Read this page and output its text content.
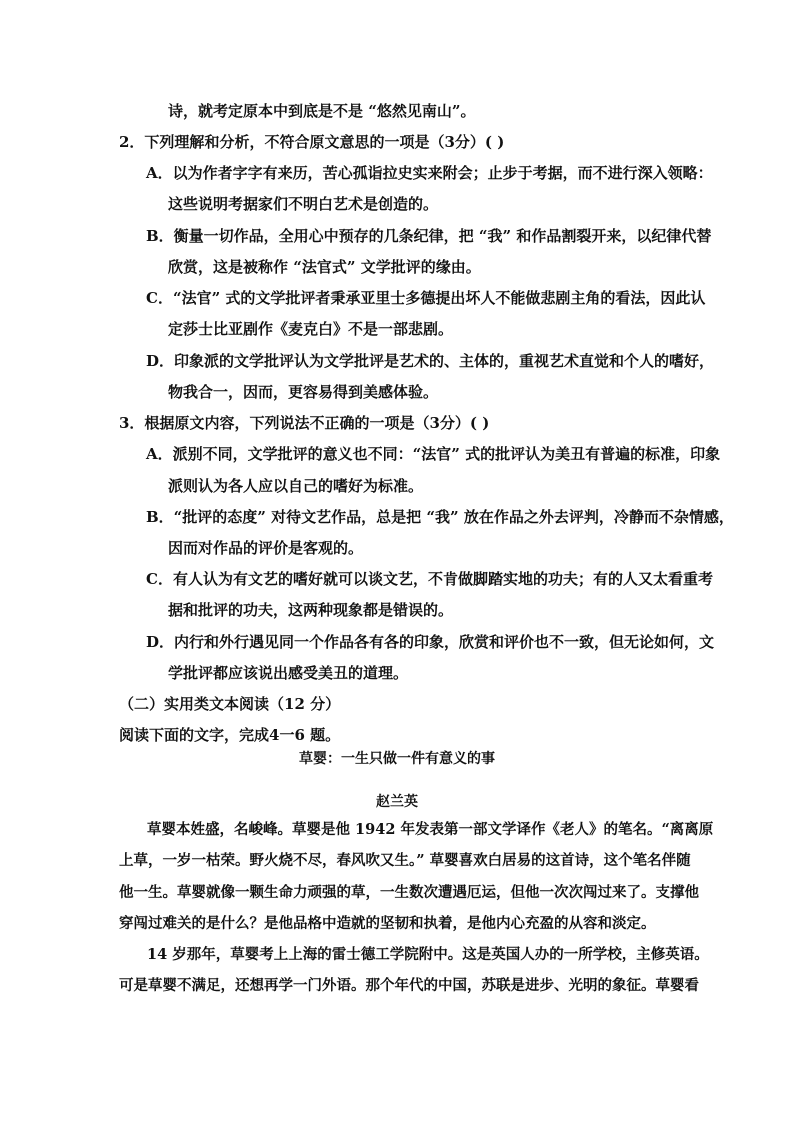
诗，就考定原本中到底是不是 “悠然见南山”。
2．下列理解和分析，不符合原文意思的一项是（3分）( )
A．以为作者字字有来历，苦心孤诣拉史实来附会；止步于考据，而不进行深入领略：
这些说明考据家们不明白艺术是创造的。
B．衡量一切作品，全用心中预存的几条纪律，把 “我” 和作品割裂开来，以纪律代替
欣赏，这是被称作 “法官式” 文学批评的缘由。
C．“法官” 式的文学批评者秉承亚里士多德提出坏人不能做悲剧主角的看法，因此认
定莎士比亚剧作《麦克白》不是一部悲剧。
D．印象派的文学批评认为文学批评是艺术的、主体的，重视艺术直觉和个人的嗜好，
物我合一，因而，更容易得到美感体验。
3．根据原文内容，下列说法不正确的一项是（3分）( )
A．派别不同，文学批评的意义也不同：“法官” 式的批评认为美丑有普遍的标准，印象
派则认为各人应以自己的嗜好为标准。
B．“批评的态度” 对待文艺作品，总是把 “我” 放在作品之外去评判，冷静而不杂情感，
因而对作品的评价是客观的。
C．有人认为有文艺的嗜好就可以谈文艺，不肯做脚踏实地的功夫；有的人又太看重考
据和批评的功夫，这两种现象都是错误的。
D．内行和外行遇见同一个作品各有各的印象，欣赏和评价也不一致，但无论如何，文
学批评都应该说出感受美丑的道理。
（二）实用类文本阅读（12 分）
阅读下面的文字，完成4一6 题。
草婴：一生只做一件有意义的事
赵兰英
草婴本姓盛，名峻峰。草婴是他 1942 年发表第一部文学译作《老人》的笔名。“离离原
上草，一岁一枯荣。野火烧不尽，春风吹又生。” 草婴喜欢白居易的这首诗，这个笔名伴随
他一生。草婴就像一颗生命力顽强的草，一生数次遭遇厄运，但他一次次闯过来了。支撑他
穿闯过难关的是什么？是他品格中造就的坚韧和执着，是他内心充盈的从容和淡定。
14 岁那年，草婴考上上海的雷士德工学院附中。这是英国人办的一所学校，主修英语。
可是草婴不满足，还想再学一门外语。那个年代的中国，苏联是进步、光明的象征。草婴看
